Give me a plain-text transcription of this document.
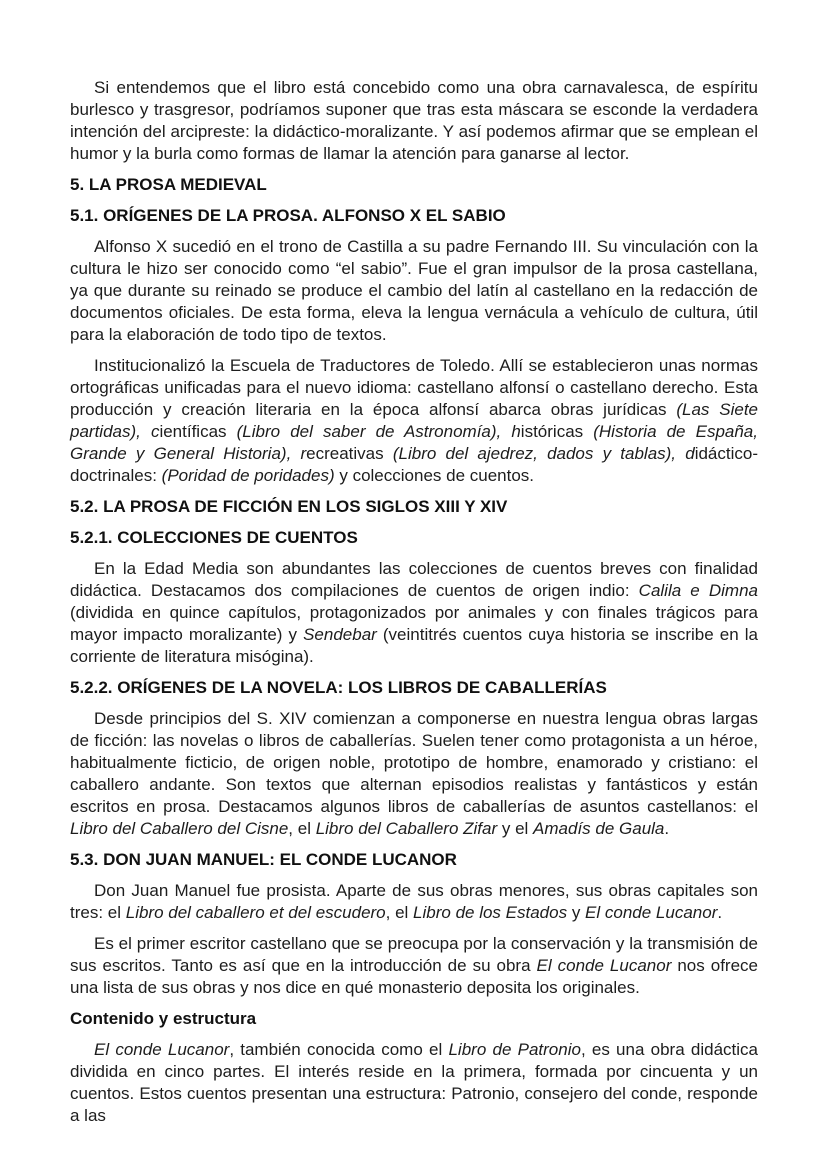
Si entendemos que el libro está concebido como una obra carnavalesca, de espíritu burlesco y trasgresor, podríamos suponer que tras esta máscara se esconde la verdadera intención del arcipreste: la didáctico-moralizante. Y así podemos afirmar que se emplean el humor y la burla como formas de llamar la atención para ganarse al lector.

5. LA PROSA MEDIEVAL
5.1. ORÍGENES DE LA PROSA. ALFONSO X EL SABIO

Alfonso X sucedió en el trono de Castilla a su padre Fernando III. Su vinculación con la cultura le hizo ser conocido como “el sabio”. Fue el gran impulsor de la prosa castellana, ya que durante su reinado se produce el cambio del latín al castellano en la redacción de documentos oficiales. De esta forma, eleva la lengua vernácula a vehículo de cultura, útil para la elaboración de todo tipo de textos.

Institucionalizó la Escuela de Traductores de Toledo. Allí se establecieron unas normas ortográficas unificadas para el nuevo idioma: castellano alfonsí o castellano derecho. Esta producción y creación literaria en la época alfonsí abarca obras jurídicas (Las Siete partidas), científicas (Libro del saber de Astronomía), históricas (Historia de España, Grande y General Historia), recreativas (Libro del ajedrez, dados y tablas), didáctico-doctrinales: (Poridad de poridades) y colecciones de cuentos.

5.2. LA PROSA DE FICCIÓN EN LOS SIGLOS XIII Y XIV
5.2.1. COLECCIONES DE CUENTOS

En la Edad Media son abundantes las colecciones de cuentos breves con finalidad didáctica. Destacamos dos compilaciones de cuentos de origen indio: Calila e Dimna (dividida en quince capítulos, protagonizados por animales y con finales trágicos para mayor impacto moralizante) y Sendebar (veintitrés cuentos cuya historia se inscribe en la corriente de literatura misógina).

5.2.2. ORÍGENES DE LA NOVELA: LOS LIBROS DE CABALLERÍAS

Desde principios del S. XIV comienzan a componerse en nuestra lengua obras largas de ficción: las novelas o libros de caballerías. Suelen tener como protagonista a un héroe, habitualmente ficticio, de origen noble, prototipo de hombre, enamorado y cristiano: el caballero andante. Son textos que alternan episodios realistas y fantásticos y están escritos en prosa. Destacamos algunos libros de caballerías de asuntos castellanos: el Libro del Caballero del Cisne, el Libro del Caballero Zifar y el Amadís de Gaula.

5.3. DON JUAN MANUEL: EL CONDE LUCANOR

Don Juan Manuel fue prosista. Aparte de sus obras menores, sus obras capitales son tres: el Libro del caballero et del escudero, el Libro de los Estados y El conde Lucanor.

Es el primer escritor castellano que se preocupa por la conservación y la transmisión de sus escritos. Tanto es así que en la introducción de su obra El conde Lucanor nos ofrece una lista de sus obras y nos dice en qué monasterio deposita los originales.

Contenido y estructura

El conde Lucanor, también conocida como el Libro de Patronio, es una obra didáctica dividida en cinco partes. El interés reside en la primera, formada por cincuenta y un cuentos. Estos cuentos presentan una estructura: Patronio, consejero del conde, responde a las
